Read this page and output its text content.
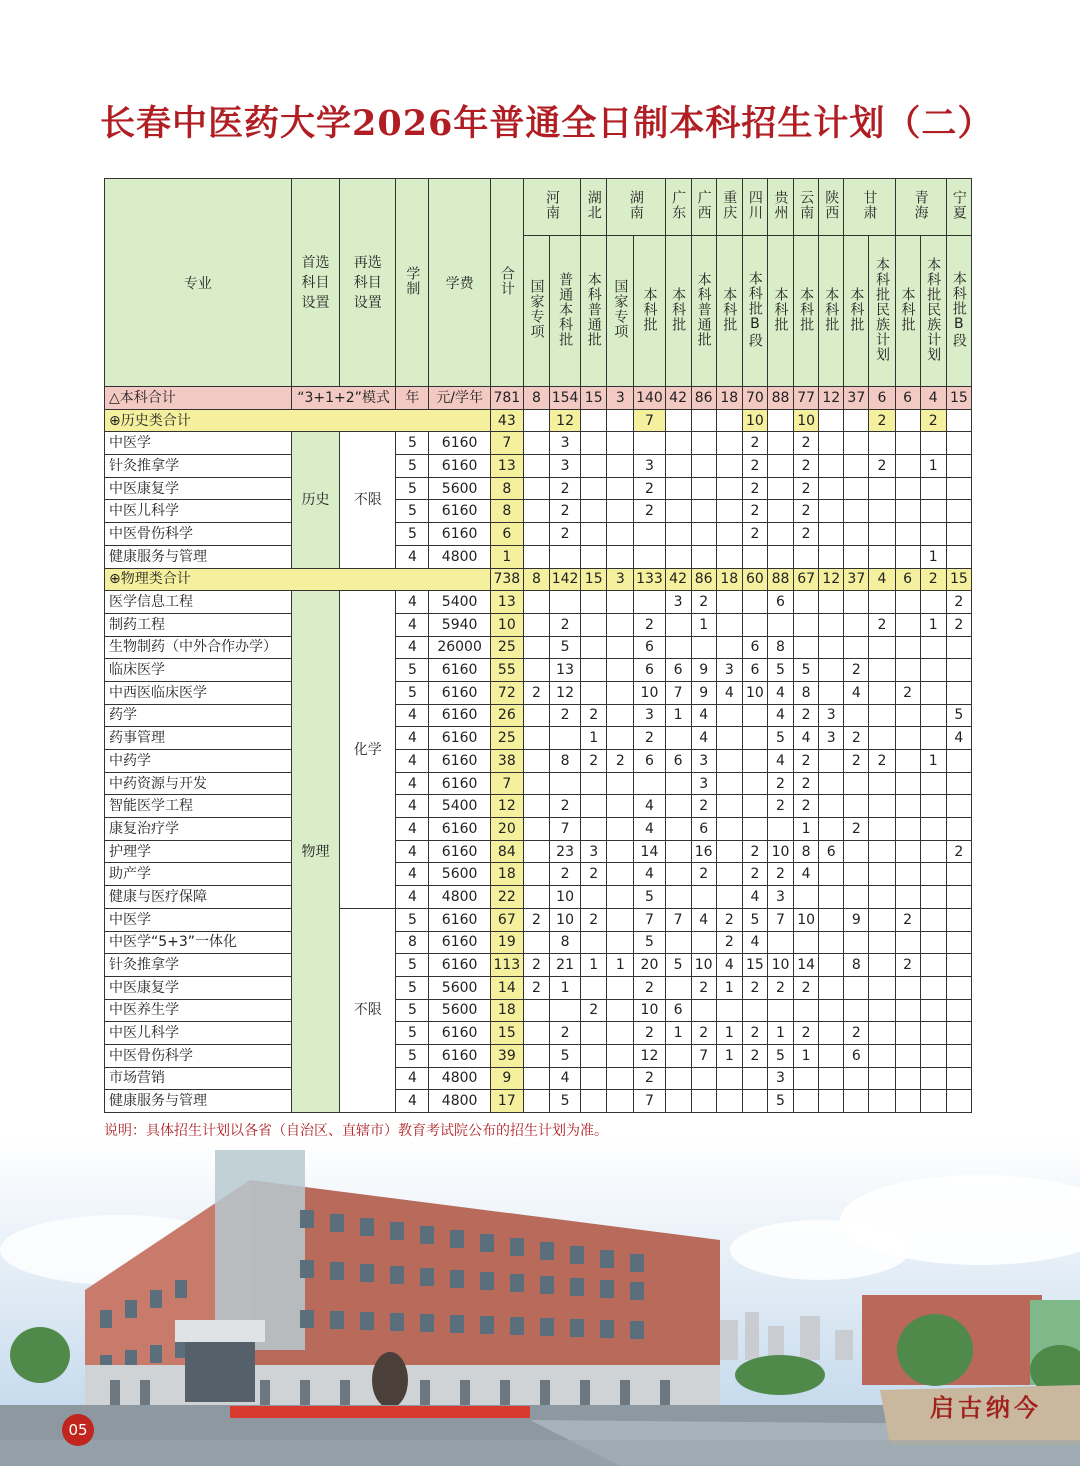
长春中医药大学2026年普通全日制本科招生计划（二）
专业	首选科目设置	再选科目设置	学制	学费	合计	河南		湖北	湖南		广东	广西	重庆	四川	贵州	云南	陕西	甘肃		青海		宁夏
						国家专项	普通本科批	本科普通批	国家专项	本科批	本科批	本科普通批	本科批	本科批B段	本科批	本科批	本科批	本科批	本科批民族计划	本科批	本科批民族计划	本科批B段
△本科合计	“3+1+2”模式		年	元/学年	781	8	154	15	3	140	42	86	18	70	88	77	12	37	6	6	4	15
⊕历史类合计					43		12			7				10		10			2		2	
中医学	历史	不限	5	6160	7		3							2		2						
针灸推拿学			5	6160	13		3			3				2		2			2		1	
中医康复学			5	5600	8		2			2				2		2						
中医儿科学			5	6160	8		2			2				2		2						
中医骨伤科学			5	6160	6		2							2		2						
健康服务与管理			4	4800	1																1	
⊕物理类合计					738	8	142	15	3	133	42	86	18	60	88	67	12	37	4	6	2	15
医学信息工程	物理	化学	4	5400	13						3	2			6							2
制药工程			4	5940	10		2			2		1							2		1	2
生物制药（中外合作办学）			4	26000	25		5			6				6	8							
临床医学			5	6160	55		13			6	6	9	3	6	5	5		2				
中西医临床医学			5	6160	72	2	12			10	7	9	4	10	4	8		4		2		
药学			4	6160	26		2	2		3	1	4			4	2	3					5
药事管理			4	6160	25			1		2		4			5	4	3	2				4
中药学			4	6160	38		8	2	2	6	6	3			4	2		2	2		1	
中药资源与开发			4	6160	7							3			2	2						
智能医学工程			4	5400	12		2			4		2			2	2						
康复治疗学			4	6160	20		7			4		6				1		2				
护理学			4	6160	84		23	3		14		16		2	10	8	6					2
助产学			4	5600	18		2	2		4		2		2	2	4						
健康与医疗保障			4	4800	22		10			5				4	3							
中医学		不限	5	6160	67	2	10	2		7	7	4	2	5	7	10		9		2		
中医学“5+3”一体化			8	6160	19		8			5			2	4								
针灸推拿学			5	6160	113	2	21	1	1	20	5	10	4	15	10	14		8		2		
中医康复学			5	5600	14	2	1			2		2	1	2	2	2						
中医养生学			5	5600	18			2		10	6											
中医儿科学			5	6160	15		2			2	1	2	1	2	1	2		2				
中医骨伤科学			5	6160	39		5			12		7	1	2	5	1		6				
市场营销			4	4800	9		4			2					3							
健康服务与管理			4	4800	17		5			7					5							
说明：具体招生计划以各省（自治区、直辖市）教育考试院公布的招生计划为准。
05
启古纳今
